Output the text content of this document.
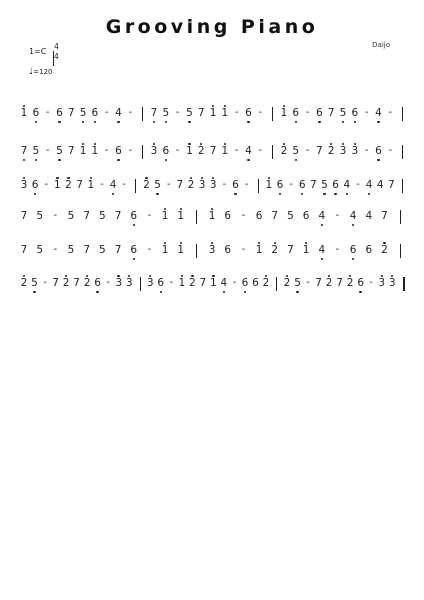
Grooving Piano
Daijo
1=C
4
4
♩=120
1 6 - 6 7 5 6 - 4 -	7 5 - 5 7 1 1 - 6 -	1 6 - 6 7 5 6 - 4 -
7 5 - 5 7 1 1 - 6 -	3 6 - 1 2 7 1 - 4 -	2 5 - 7 2 3 3 - 6 -
3 6 - 1 2 7 1 - 4 -	2 5 - 7 2 3 3 - 6 -	1 6 - 6 7 5 6 4 - 4 4 7
7 5	-	5 7 5 7 6	-	1 1 1 6	-	6 7 5 6 4	-	4 4 7
7 5	-	5 7 5 7 6	-	1 1 3 6	-	1 2 7 1 4	-	6 6 2
2 5 - 7 2 7 2 6 - 3 3 3 6 - 1 2 7 1 4 - 6 6 2 2 5 - 7 2 7 2 6 - 3 3
